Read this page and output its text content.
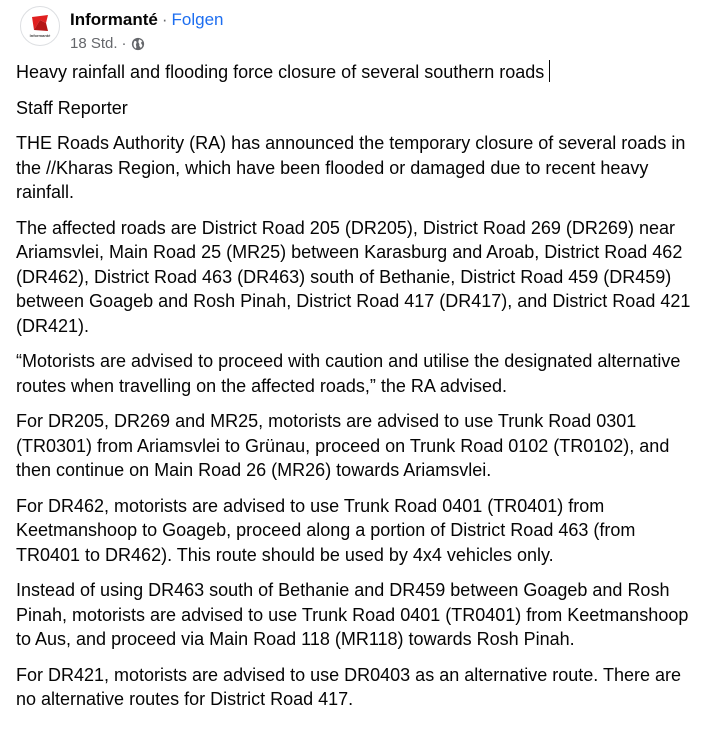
Informanté
Informanté · Folgen
18 Std. ·

Heavy rainfall and flooding force closure of several southern roads

Staff Reporter

THE Roads Authority (RA) has announced the temporary closure of several roads in the //Kharas Region, which have been flooded or damaged due to recent heavy rainfall.

The affected roads are District Road 205 (DR205), District Road 269 (DR269) near Ariamsvlei, Main Road 25 (MR25) between Karasburg and Aroab, District Road 462 (DR462), District Road 463 (DR463) south of Bethanie, District Road 459 (DR459) between Goageb and Rosh Pinah, District Road 417 (DR417), and District Road 421 (DR421).

“Motorists are advised to proceed with caution and utilise the designated alternative routes when travelling on the affected roads,” the RA advised.

For DR205, DR269 and MR25, motorists are advised to use Trunk Road 0301 (TR0301) from Ariamsvlei to Grünau, proceed on Trunk Road 0102 (TR0102), and then continue on Main Road 26 (MR26) towards Ariamsvlei.

For DR462, motorists are advised to use Trunk Road 0401 (TR0401) from Keetmanshoop to Goageb, proceed along a portion of District Road 463 (from TR0401 to DR462). This route should be used by 4x4 vehicles only.

Instead of using DR463 south of Bethanie and DR459 between Goageb and Rosh Pinah, motorists are advised to use Trunk Road 0401 (TR0401) from Keetmanshoop to Aus, and proceed via Main Road 118 (MR118) towards Rosh Pinah.

For DR421, motorists are advised to use DR0403 as an alternative route. There are no alternative routes for District Road 417.
